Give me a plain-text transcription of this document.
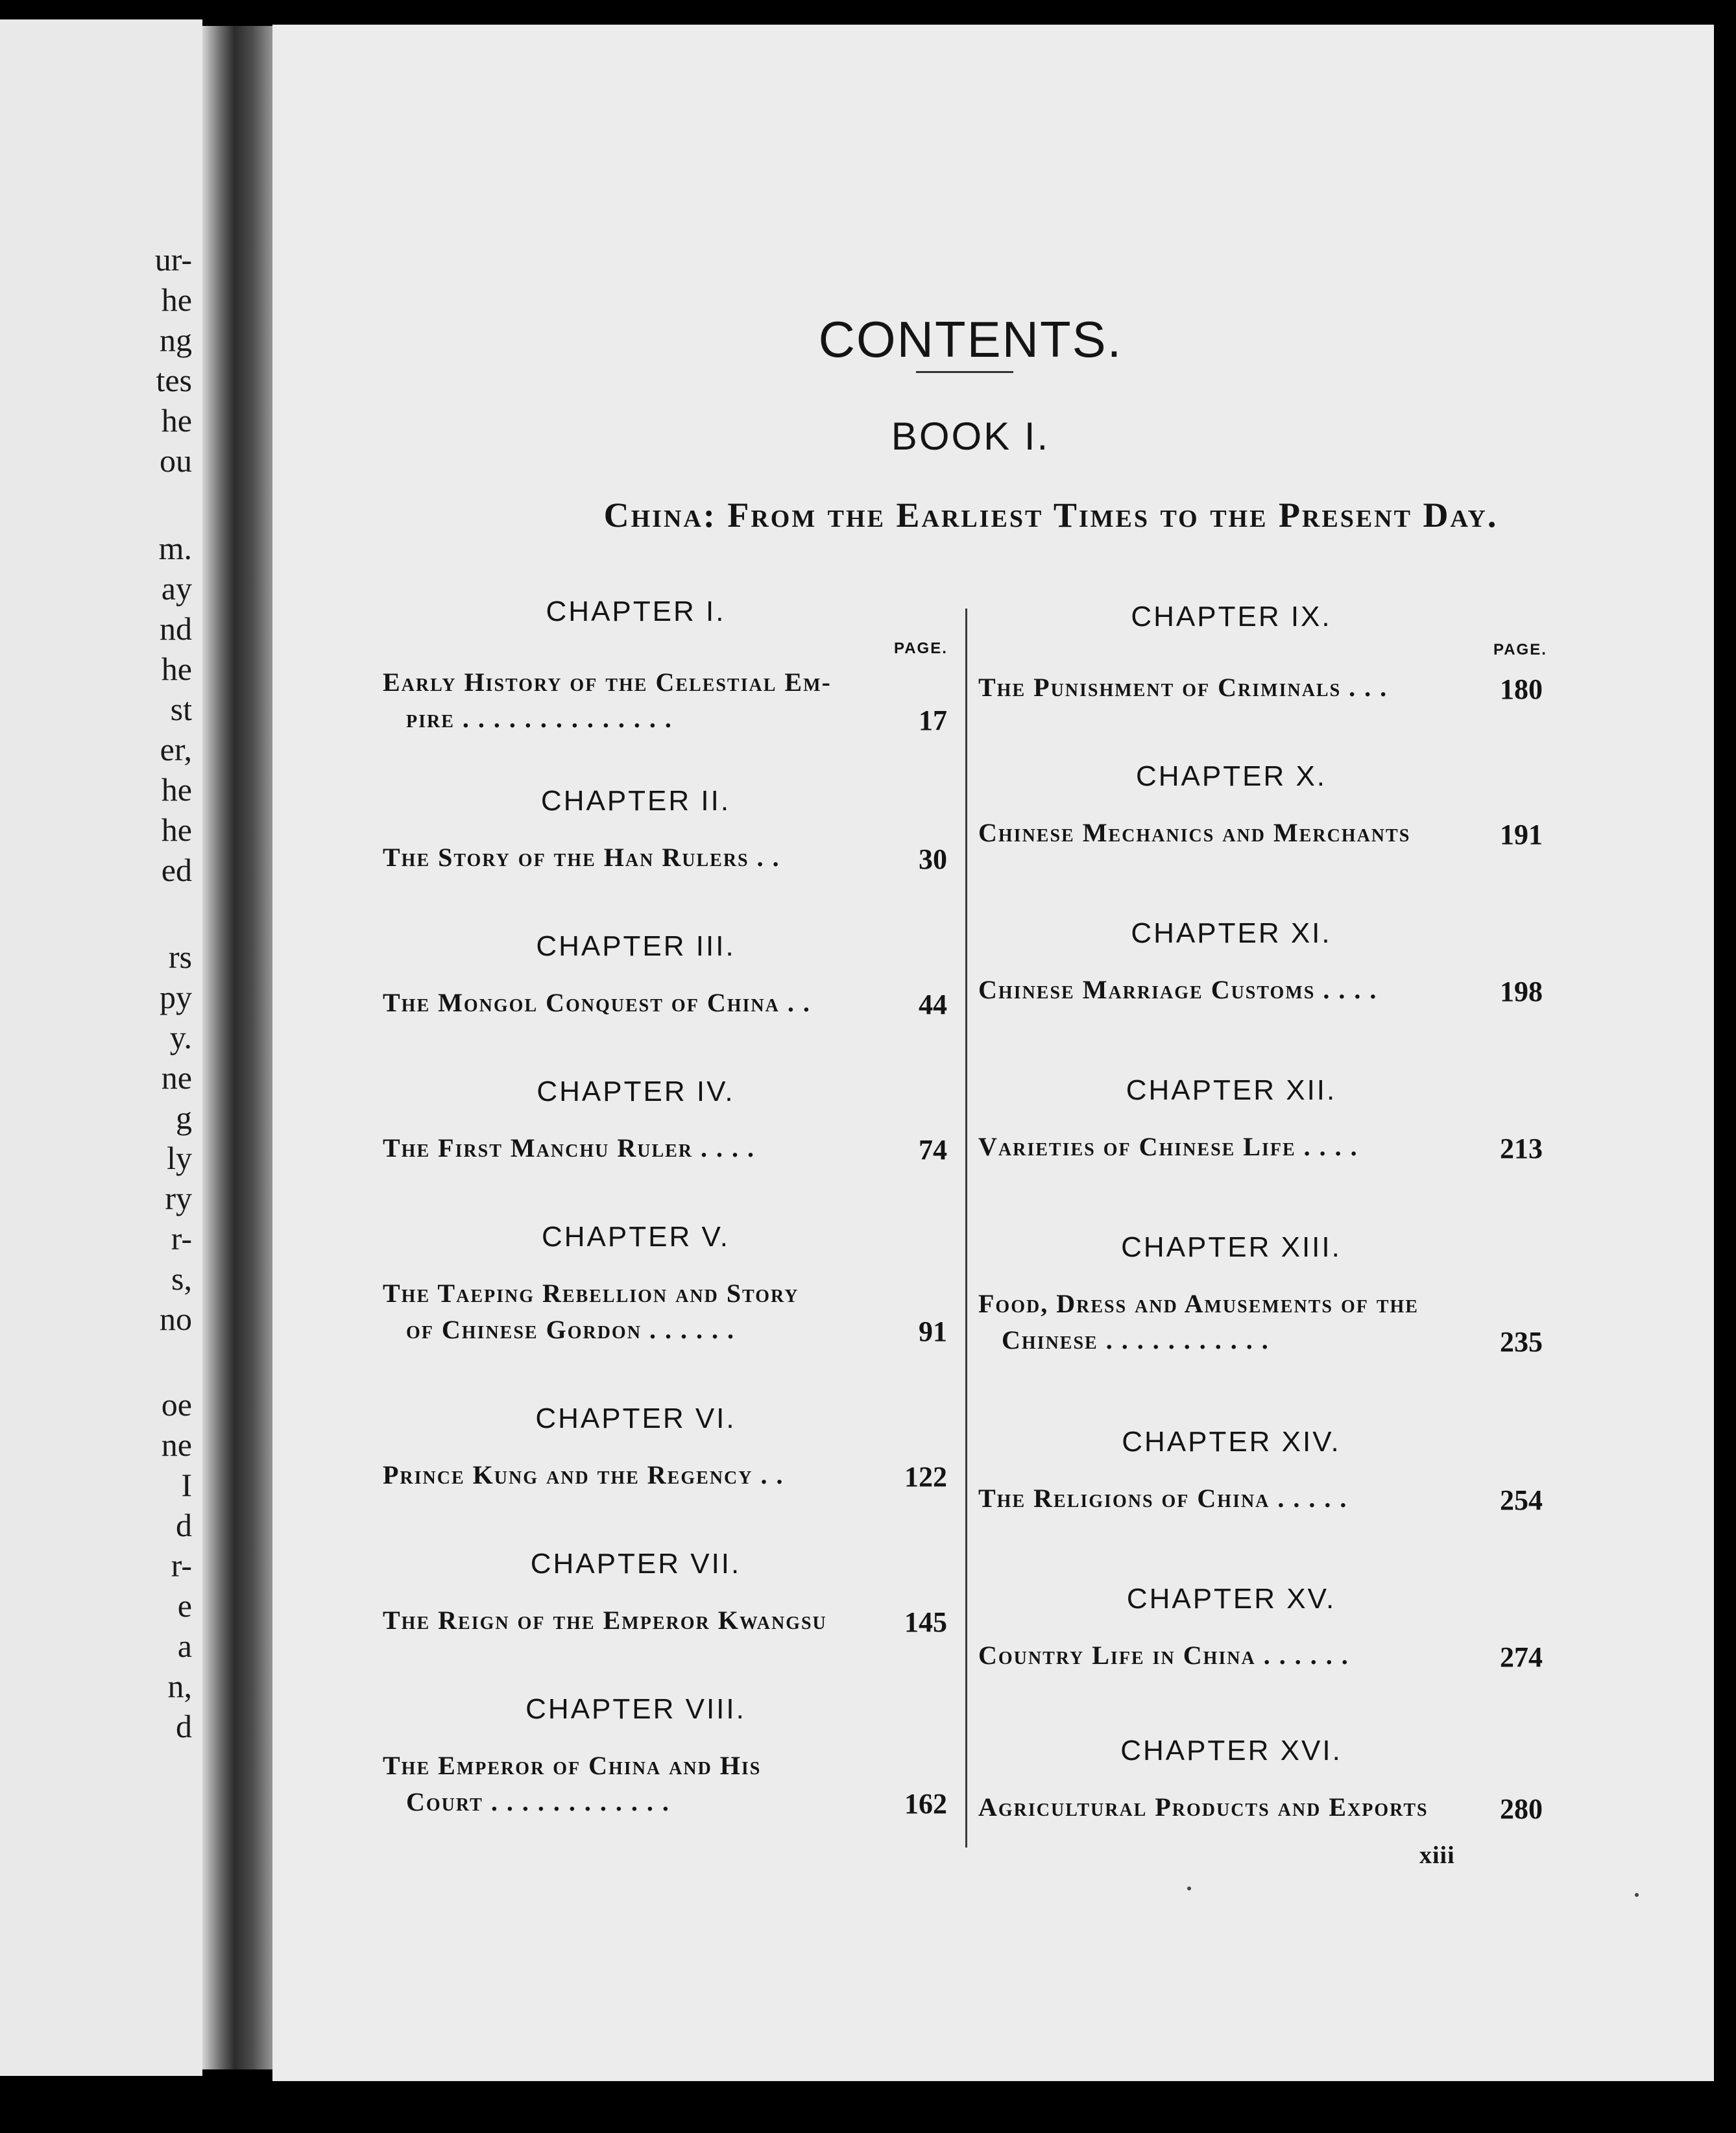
ur-
he
ng
tes
he
ou
m.
ay
nd
he
st
er,
he
he
ed
rs
py
y.
ne
g
ly
ry
r-
s,
no
oe
ne
I
d
r-
e
a
n,
d
CONTENTS.
BOOK I.
China: From the Earliest Times to the Present Day.
PAGE.	PAGE.
CHAPTER I.
Early History of the Celestial Em-
pire ..............	17
CHAPTER II.
The Story of the Han Rulers ..	30
CHAPTER III.
The Mongol Conquest of China ..	44
CHAPTER IV.
The First Manchu Ruler ....	74
CHAPTER V.
The Taeping Rebellion and Story
of Chinese Gordon ......	91
CHAPTER VI.
Prince Kung and the Regency ..	122
CHAPTER VII.
The Reign of the Emperor Kwangsu	145
CHAPTER VIII.
The Emperor of China and His
Court ............	162
CHAPTER IX.
The Punishment of Criminals ...	180
CHAPTER X.
Chinese Mechanics and Merchants	191
CHAPTER XI.
Chinese Marriage Customs ....	198
CHAPTER XII.
Varieties of Chinese Life ....	213
CHAPTER XIII.
Food, Dress and Amusements of the
Chinese ...........	235
CHAPTER XIV.
The Religions of China .....	254
CHAPTER XV.
Country Life in China ......	274
CHAPTER XVI.
Agricultural Products and Exports	280
xiii
